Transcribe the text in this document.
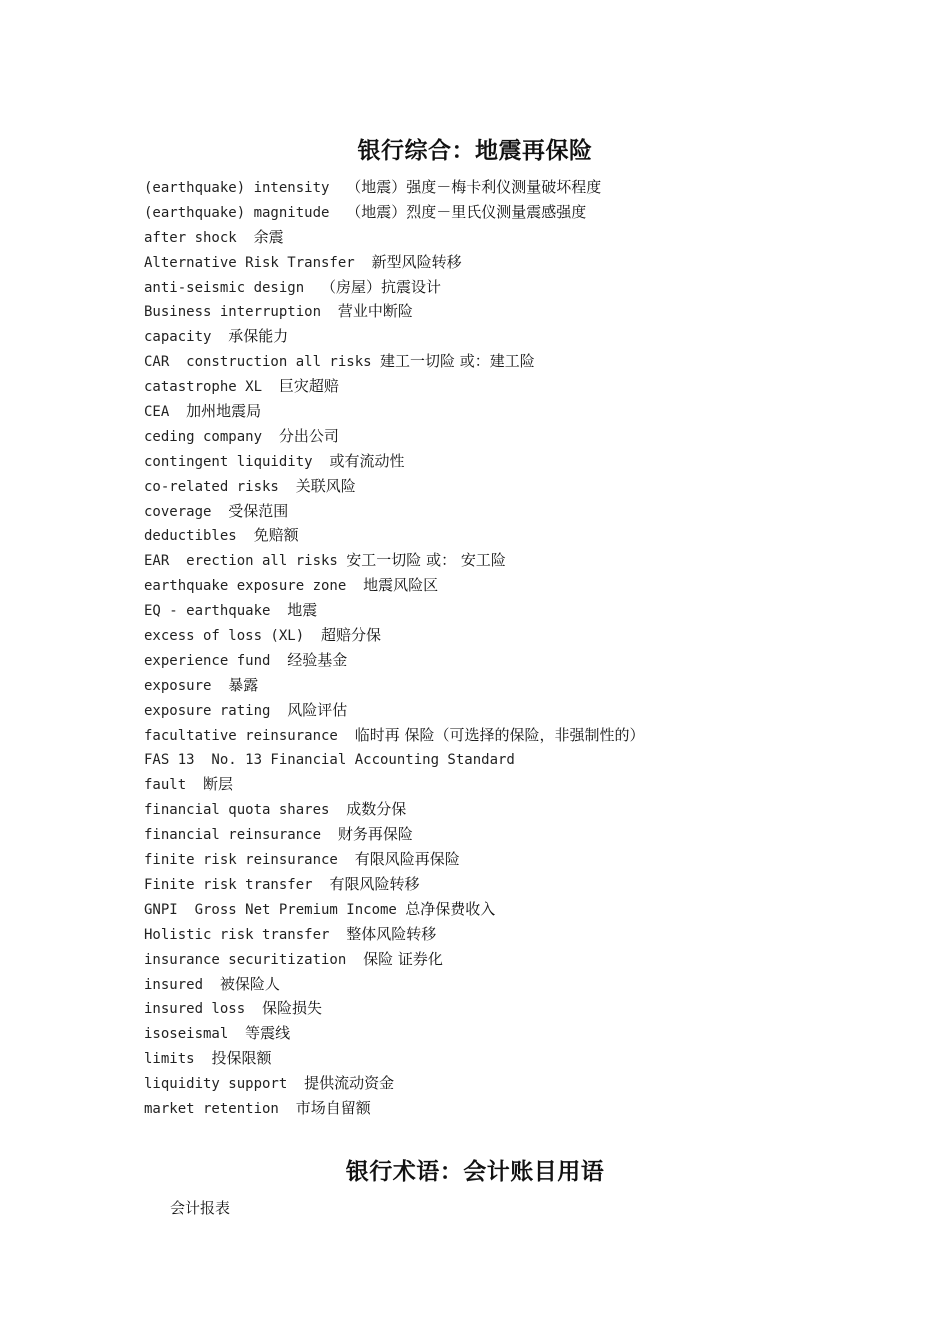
银行综合：地震再保险
(earthquake) intensity  （地震）强度－梅卡利仪测量破坏程度
(earthquake) magnitude  （地震）烈度－里氏仪测量震感强度
after shock  余震
Alternative Risk Transfer  新型风险转移
anti-seismic design  （房屋）抗震设计
Business interruption  营业中断险
capacity  承保能力
CAR  construction all risks 建工一切险 或：建工险
catastrophe XL  巨灾超赔
CEA  加州地震局
ceding company  分出公司
contingent liquidity  或有流动性
co-related risks  关联风险
coverage  受保范围
deductibles  免赔额
EAR  erection all risks 安工一切险 或： 安工险
earthquake exposure zone  地震风险区
EQ - earthquake  地震
excess of loss (XL)  超赔分保
experience fund  经验基金
exposure  暴露
exposure rating  风险评估
facultative reinsurance  临时再 保险（可选择的保险，非强制性的）
FAS 13  No. 13 Financial Accounting Standard
fault  断层
financial quota shares  成数分保
financial reinsurance  财务再保险
finite risk reinsurance  有限风险再保险
Finite risk transfer  有限风险转移
GNPI  Gross Net Premium Income 总净保费收入
Holistic risk transfer  整体风险转移
insurance securitization  保险 证券化
insured  被保险人
insured loss  保险损失
isoseismal  等震线
limits  投保限额
liquidity support  提供流动资金
market retention  市场自留额
银行术语：会计账目用语

会计报表
